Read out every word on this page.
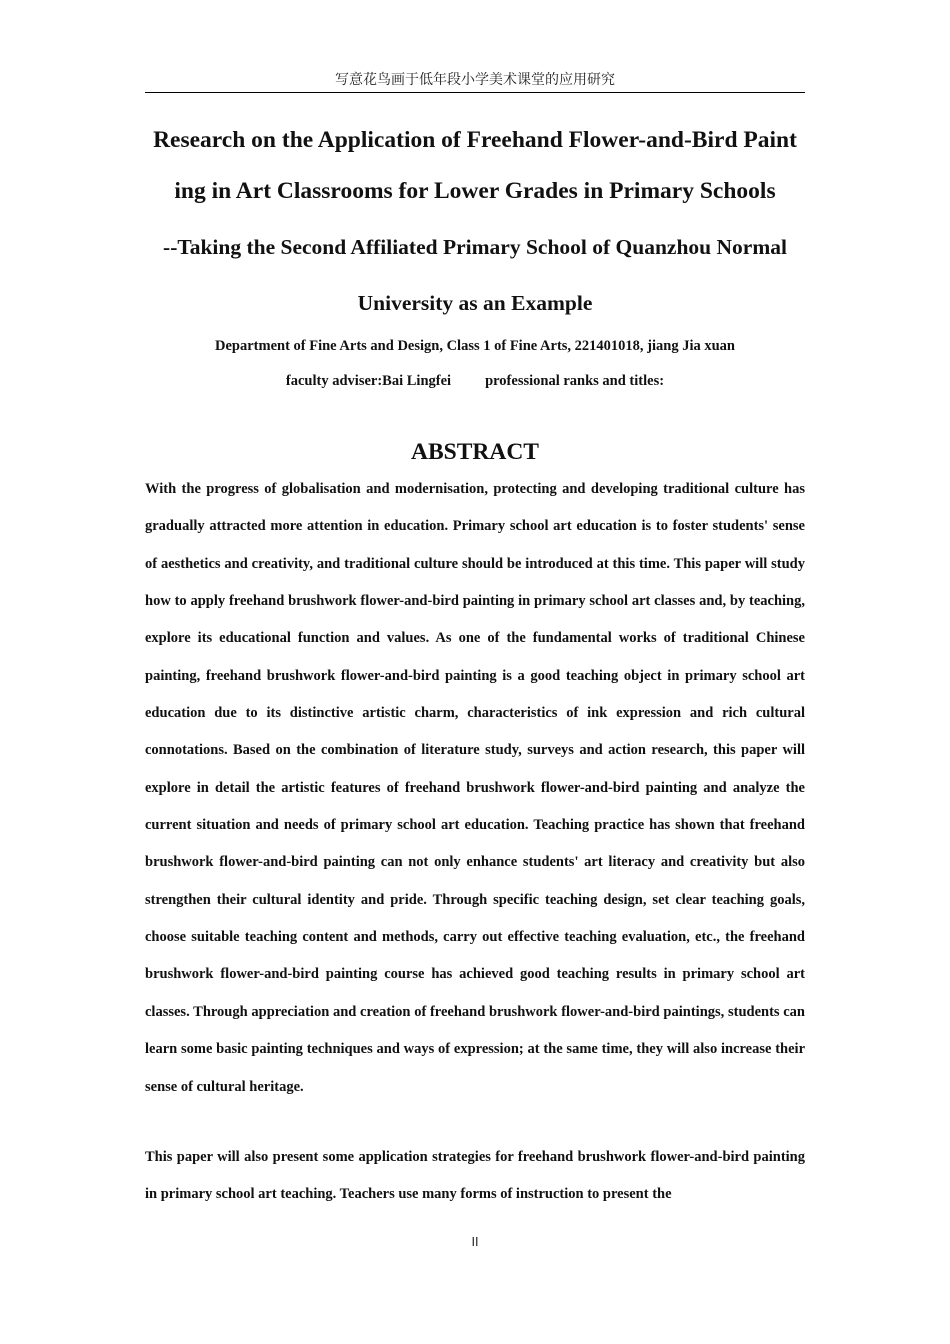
写意花鸟画于低年段小学美术课堂的应用研究
Research on the Application of Freehand Flower-and-Bird Paint
ing in Art Classrooms for Lower Grades in Primary Schools
--Taking the Second Affiliated Primary School of Quanzhou Normal
University as an Example
Department of Fine Arts and Design, Class 1 of Fine Arts, 221401018, jiang Jia xuan
faculty adviser:Bai Lingfei professional ranks and titles:
ABSTRACT

With the progress of globalisation and modernisation, protecting and developing traditional culture has gradually attracted more attention in education. Primary school art education is to foster students' sense of aesthetics and creativity, and traditional culture should be introduced at this time. This paper will study how to apply freehand brushwork flower-and-bird painting in primary school art classes and, by teaching, explore its educational function and values. As one of the fundamental works of traditional Chinese painting, freehand brushwork flower-and-bird painting is a good teaching object in primary school art education due to its distinctive artistic charm, characteristics of ink expression and rich cultural connotations. Based on the combination of literature study, surveys and action research, this paper will explore in detail the artistic features of freehand brushwork flower-and-bird painting and analyze the current situation and needs of primary school art education. Teaching practice has shown that freehand brushwork flower-and-bird painting can not only enhance students' art literacy and creativity but also strengthen their cultural identity and pride. Through specific teaching design, set clear teaching goals, choose suitable teaching content and methods, carry out effective teaching evaluation, etc., the freehand brushwork flower-and-bird painting course has achieved good teaching results in primary school art classes. Through appreciation and creation of freehand brushwork flower-and-bird paintings, students can learn some basic painting techniques and ways of expression; at the same time, they will also increase their sense of cultural heritage.

This paper will also present some application strategies for freehand brushwork flower-and-bird painting in primary school art teaching. Teachers use many forms of instruction to present the

II
